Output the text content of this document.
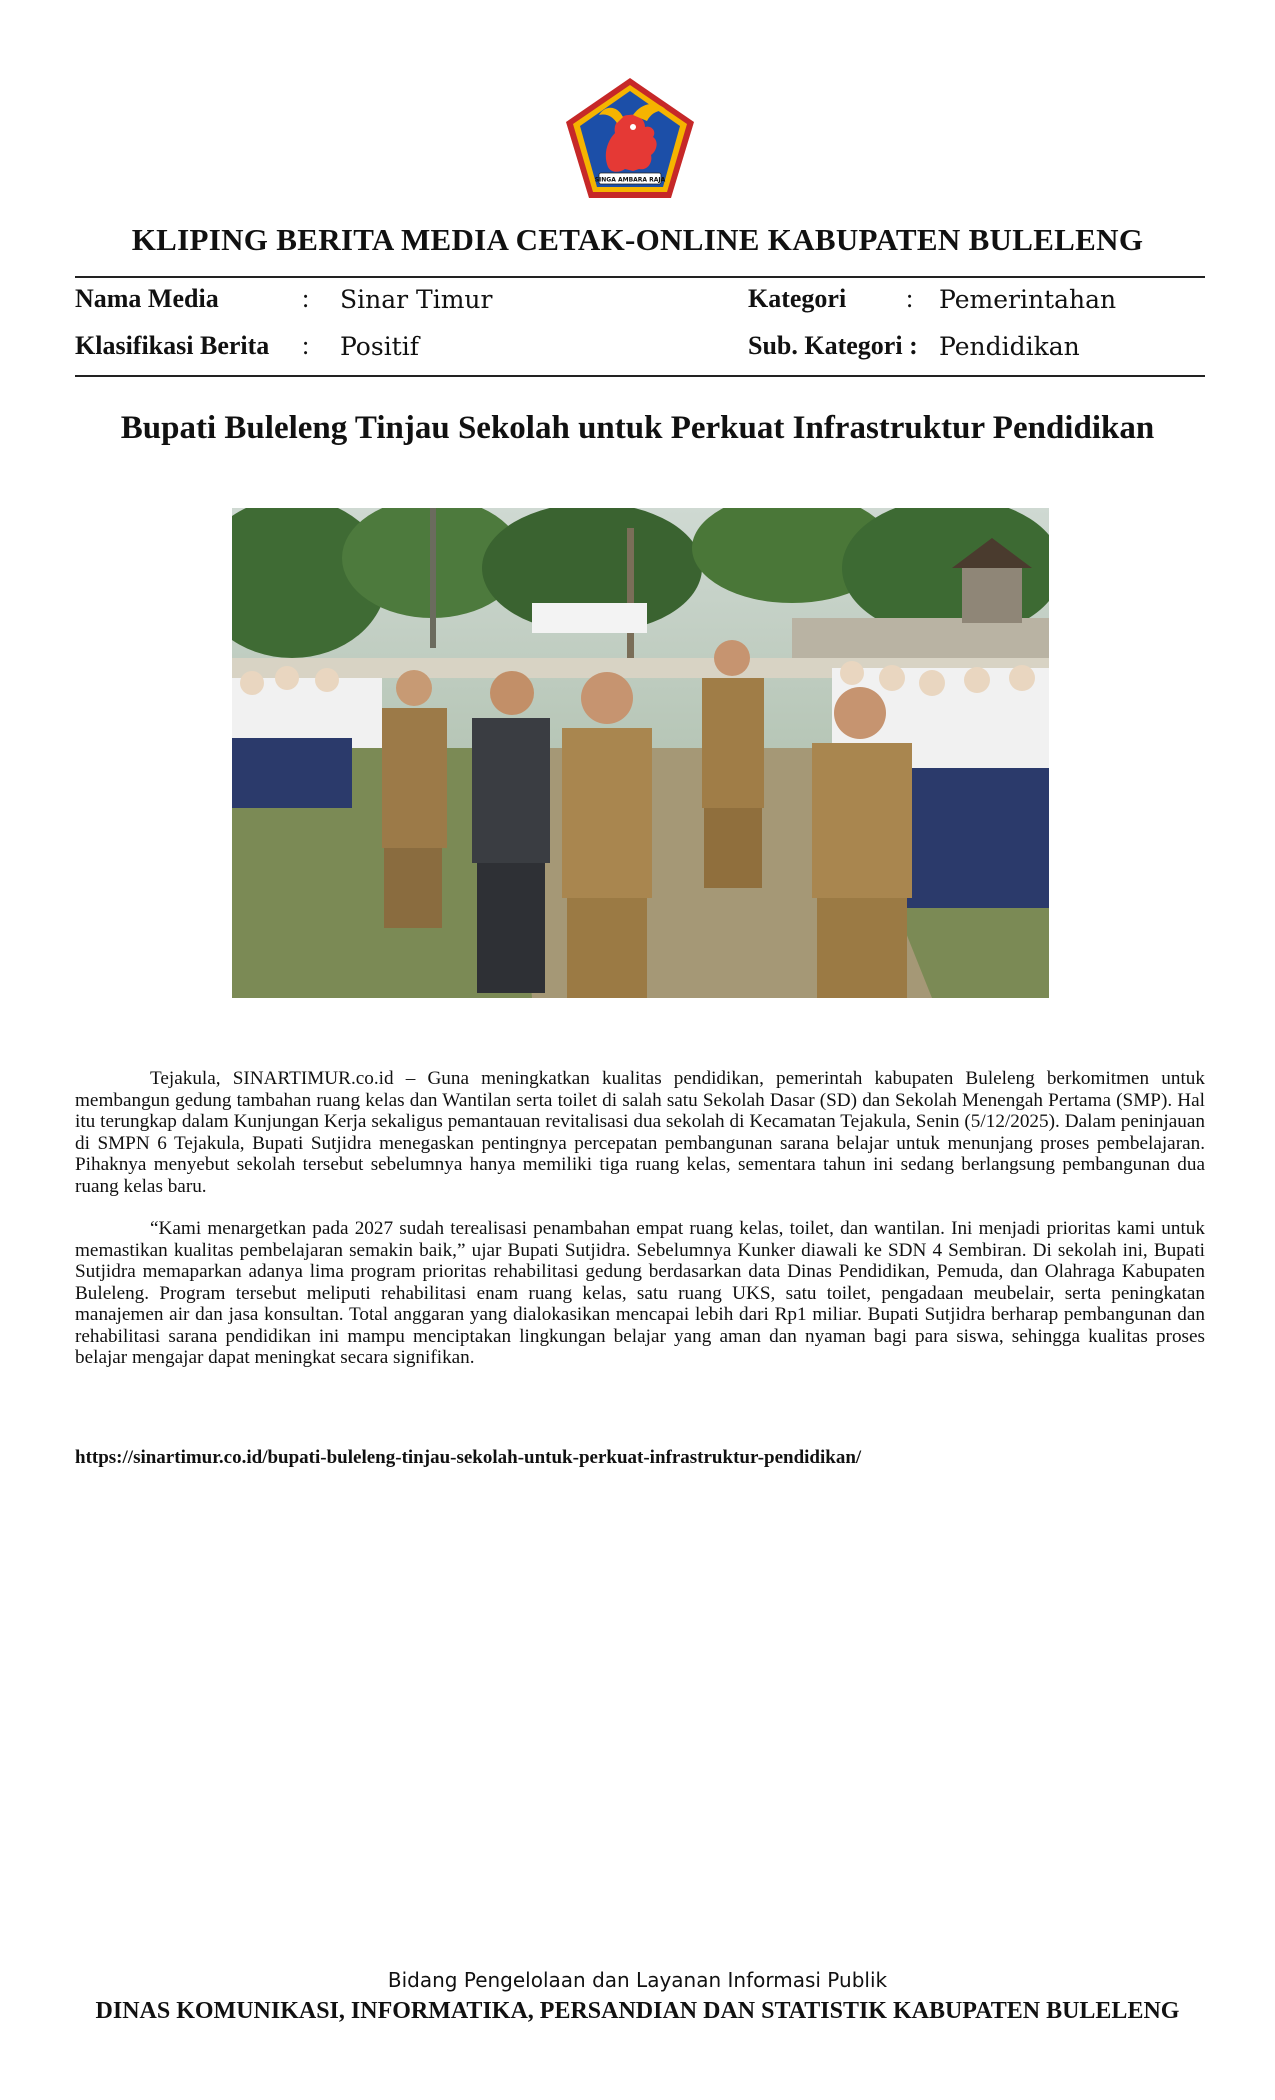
SINGA AMBARA RAJA
KLIPING BERITA MEDIA CETAK-ONLINE KABUPATEN BULELENG
Nama Media	: Sinar Timur	Kategori : Pemerintahan
Klasifikasi Berita : Positif	Sub. Kategori : Pendidikan
Bupati Buleleng Tinjau Sekolah untuk Perkuat Infrastruktur Pendidikan

Tejakula, SINARTIMUR.co.id – Guna meningkatkan kualitas pendidikan, pemerintah kabupaten Buleleng berkomitmen untuk membangun gedung tambahan ruang kelas dan Wantilan serta toilet di salah satu Sekolah Dasar (SD) dan Sekolah Menengah Pertama (SMP). Hal itu terungkap dalam Kunjungan Kerja sekaligus pemantauan revitalisasi dua sekolah di Kecamatan Tejakula, Senin (5/12/2025). Dalam peninjauan di SMPN 6 Tejakula, Bupati Sutjidra menegaskan pentingnya percepatan pembangunan sarana belajar untuk menunjang proses pembelajaran. Pihaknya menyebut sekolah tersebut sebelumnya hanya memiliki tiga ruang kelas, sementara tahun ini sedang berlangsung pembangunan dua ruang kelas baru.

“Kami menargetkan pada 2027 sudah terealisasi penambahan empat ruang kelas, toilet, dan wantilan. Ini menjadi prioritas kami untuk memastikan kualitas pembelajaran semakin baik,” ujar Bupati Sutjidra. Sebelumnya Kunker diawali ke SDN 4 Sembiran. Di sekolah ini, Bupati Sutjidra memaparkan adanya lima program prioritas rehabilitasi gedung berdasarkan data Dinas Pendidikan, Pemuda, dan Olahraga Kabupaten Buleleng. Program tersebut meliputi rehabilitasi enam ruang kelas, satu ruang UKS, satu toilet, pengadaan meubelair, serta peningkatan manajemen air dan jasa konsultan. Total anggaran yang dialokasikan mencapai lebih dari Rp1 miliar. Bupati Sutjidra berharap pembangunan dan rehabilitasi sarana pendidikan ini mampu menciptakan lingkungan belajar yang aman dan nyaman bagi para siswa, sehingga kualitas proses belajar mengajar dapat meningkat secara signifikan.

https://sinartimur.co.id/bupati-buleleng-tinjau-sekolah-untuk-perkuat-infrastruktur-pendidikan/
Bidang Pengelolaan dan Layanan Informasi Publik
DINAS KOMUNIKASI, INFORMATIKA, PERSANDIAN DAN STATISTIK KABUPATEN BULELENG
